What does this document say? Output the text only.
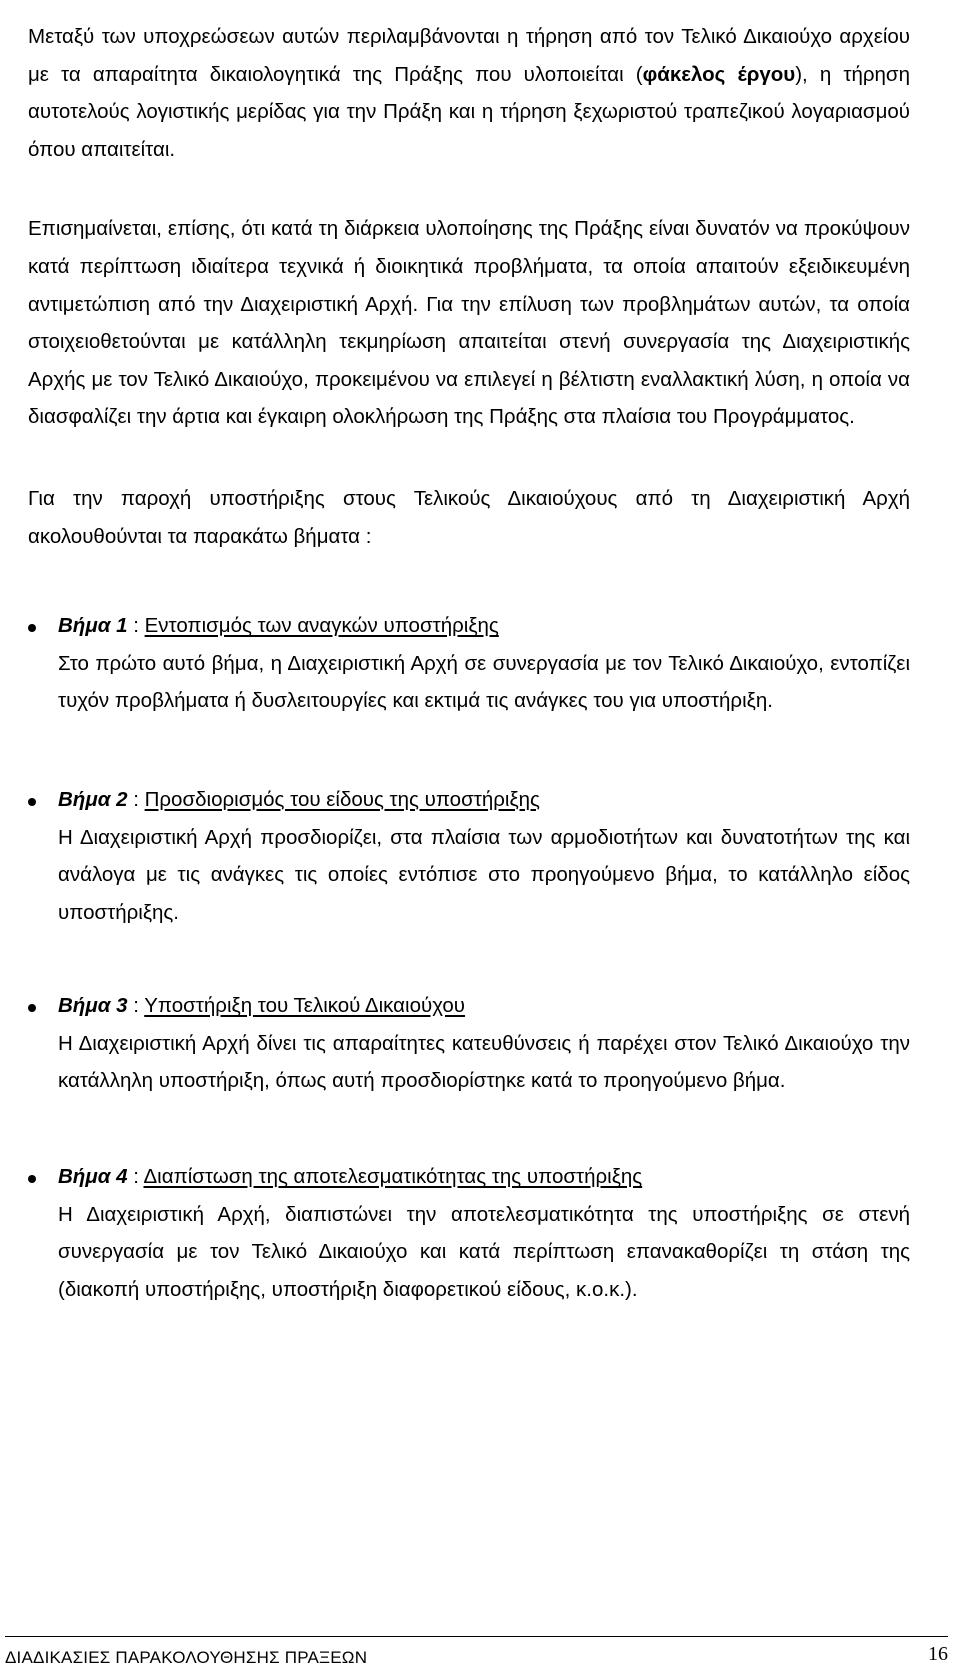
Μεταξύ των υποχρεώσεων αυτών περιλαμβάνονται η τήρηση από τον Τελικό Δικαιούχο αρχείου με τα απαραίτητα δικαιολογητικά της Πράξης που υλοποιείται (φάκελος έργου), η τήρηση αυτοτελούς λογιστικής μερίδας για την Πράξη και η τήρηση ξεχωριστού τραπεζικού λογαριασμού όπου απαιτείται.

Επισημαίνεται, επίσης, ότι κατά τη διάρκεια υλοποίησης της Πράξης είναι δυνατόν να προκύψουν κατά περίπτωση ιδιαίτερα τεχνικά ή διοικητικά προβλήματα, τα οποία απαιτούν εξειδικευμένη αντιμετώπιση από την Διαχειριστική Αρχή. Για την επίλυση των προβλημάτων αυτών, τα οποία στοιχειοθετούνται με κατάλληλη τεκμηρίωση απαιτείται στενή συνεργασία της Διαχειριστικής Αρχής με τον Τελικό Δικαιούχο, προκειμένου να επιλεγεί η βέλτιστη εναλλακτική λύση, η οποία να διασφαλίζει την άρτια και έγκαιρη ολοκλήρωση της Πράξης στα πλαίσια του Προγράμματος.

Για την παροχή υποστήριξης στους Τελικούς Δικαιούχους από τη Διαχειριστική Αρχή ακολουθούνται τα παρακάτω βήματα :

Βήμα 1 : Εντοπισμός των αναγκών υποστήριξης

Στο πρώτο αυτό βήμα, η Διαχειριστική Αρχή σε συνεργασία με τον Τελικό Δικαιούχο, εντοπίζει τυχόν προβλήματα ή δυσλειτουργίες και εκτιμά τις ανάγκες του για υποστήριξη.

Βήμα 2 : Προσδιορισμός του είδους της υποστήριξης

Η Διαχειριστική Αρχή προσδιορίζει, στα πλαίσια των αρμοδιοτήτων και δυνατοτήτων της και ανάλογα με τις ανάγκες τις οποίες εντόπισε στο προηγούμενο βήμα, το κατάλληλο είδος υποστήριξης.

Βήμα 3 : Υποστήριξη του Τελικού Δικαιούχου

Η Διαχειριστική Αρχή δίνει τις απαραίτητες κατευθύνσεις ή παρέχει στον Τελικό Δικαιούχο την κατάλληλη υποστήριξη, όπως αυτή προσδιορίστηκε κατά το προηγούμενο βήμα.

Βήμα 4 : Διαπίστωση της αποτελεσματικότητας της υποστήριξης

Η Διαχειριστική Αρχή, διαπιστώνει την αποτελεσματικότητα της υποστήριξης σε στενή συνεργασία με τον Τελικό Δικαιούχο και κατά περίπτωση επανακαθορίζει τη στάση της (διακοπή υποστήριξης, υποστήριξη διαφορετικού είδους, κ.ο.κ.).

ΔΙΑΔΙΚΑΣΙΕΣ ΠΑΡΑΚΟΛΟΥΘΗΣΗΣ ΠΡΑΞΕΩΝ	16
